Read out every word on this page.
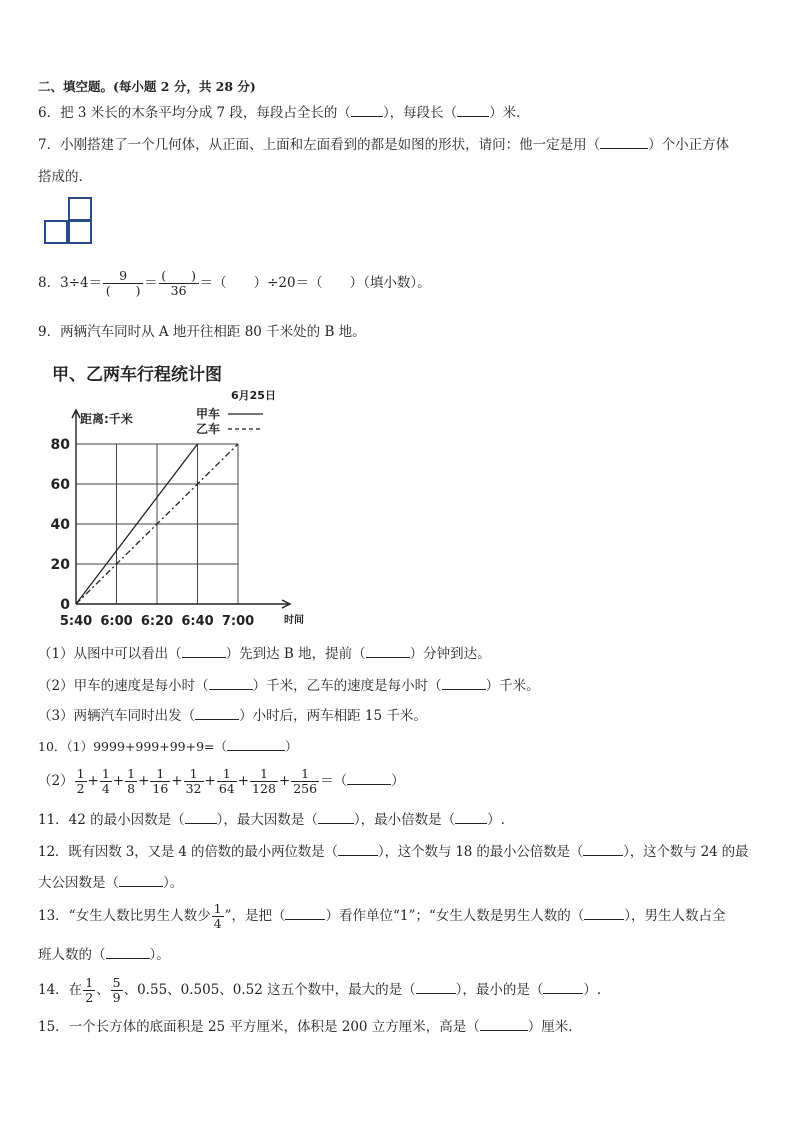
二、填空题。(每小题 2 分，共 28 分)
6．把 3 米长的木条平均分成 7 段，每段占全长的（ ），每段长（ ）米．
7．小刚搭建了一个几何体，从正面、上面和左面看到的都是如图的形状，请问：他一定是用（	）个小正方体
搭成的．
8．$3\div 4= \frac{9}{( )} = \frac{( )}{36}$ ＝（　　）÷20＝（　　）（填小数）。
9．两辆汽车同时从 A 地开往相距 80 千米处的 B 地。
甲、乙两车行程统计图
6月25日
距离:千米
时间
0
20
40
60
80
5:40 6:00 6:20 6:40 7:00
甲车
乙车
（1）从图中可以看出（	）先到达 B 地，提前（	）分钟到达。
（2）甲车的速度是每小时（	）千米，乙车的速度是每小时（	）千米。
（3）两辆汽车同时出发（	）小时后，两车相距 15 千米。
10．（1）9999+999+99+9=（	）
$(2) \frac{1}{2} + \frac{1}{4} + \frac{1}{8} + \frac{1}{16} + \frac{1}{32} + \frac{1}{64} + \frac{1}{128} + \frac{1}{256}$ ＝（	）
11．42 的最小因数是（ ），最大因数是（	），最小倍数是（ ）.
12．既有因数 3，又是 4 的倍数的最小两位数是（	），这个数与 18 的最小公倍数是（	），这个数与 24 的最
大公因数是（	）。
13．“女生人数比男生人数少 $\frac{1}{4}$ ”，是把（	）看作单位“1”；“女生人数是男生人数的（	），男生人数占全
班人数的（	）。
14．在 $\frac{1}{2}$ 、 $\frac{5}{9}$ 、0.55、0.505、0.52 这五个数中，最大的是（	），最小的是（	）.
15．一个长方体的底面积是 25 平方厘米，体积是 200 立方厘米，高是（	）厘米．
